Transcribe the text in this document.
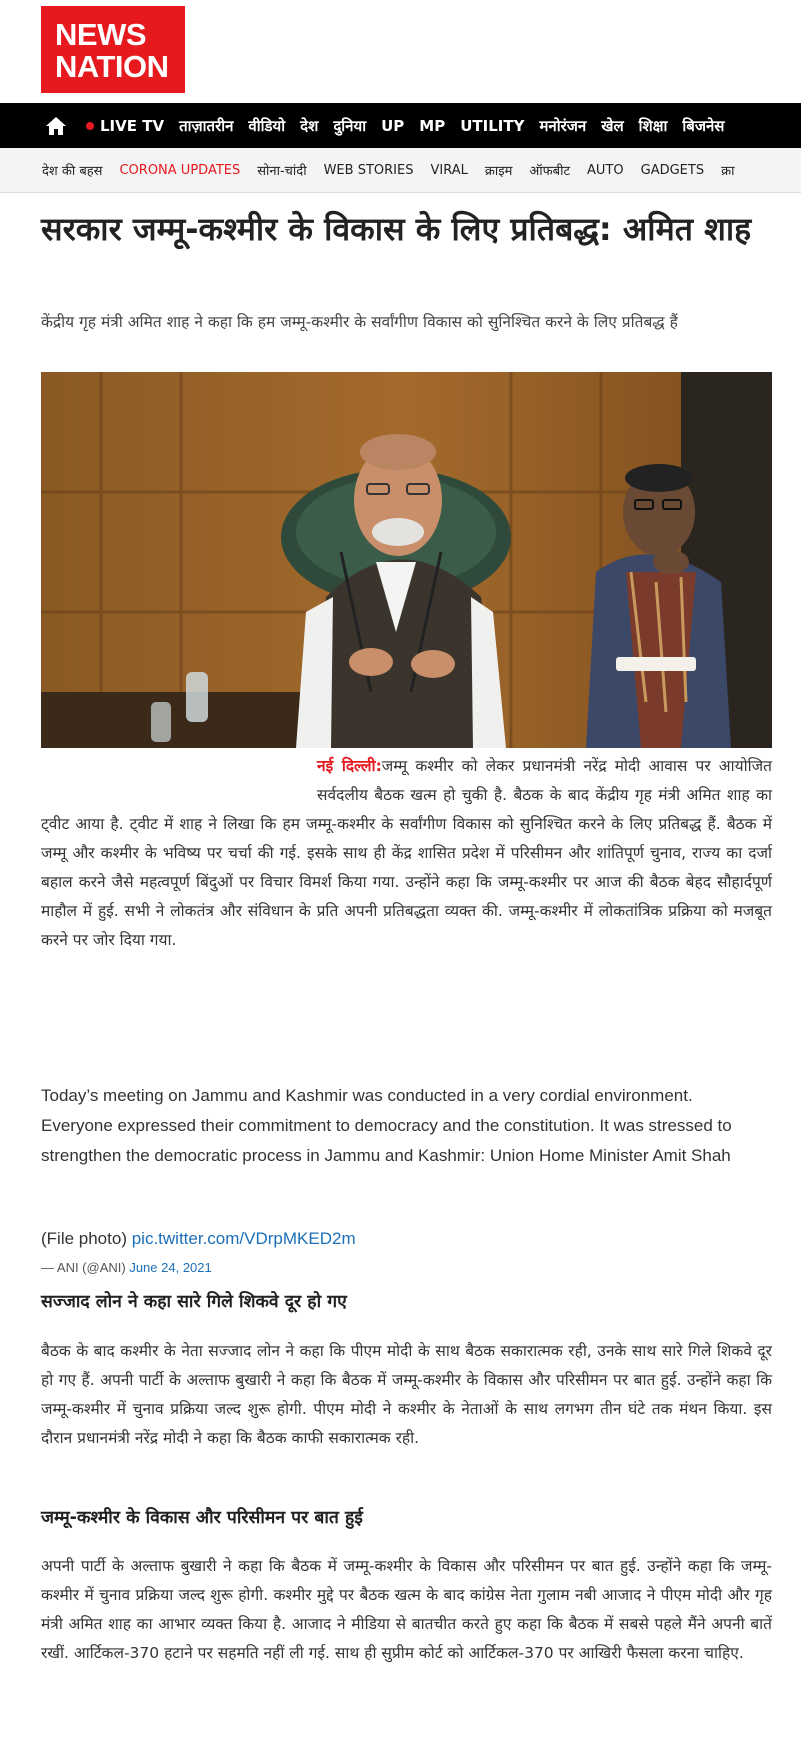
NEWS
NATION
LIVE TV ताज़ातरीन वीडियो देश दुनिया UP MP UTILITY मनोरंजन खेल शिक्षा बिजनेस
देश की बहस CORONA UPDATES सोना-चांदी WEB STORIES VIRAL क्राइम ऑफबीट AUTO GADGETS क्रा
सरकार जम्मू-कश्मीर के विकास के लिए प्रतिबद्ध: अमित शाह

केंद्रीय गृह मंत्री अमित शाह ने कहा कि हम जम्मू-कश्मीर के सर्वांगीण विकास को सुनिश्चित करने के लिए प्रतिबद्ध हैं

नई दिल्ली:जम्मू कश्मीर को लेकर प्रधानमंत्री नरेंद्र मोदी आवास पर आयोजित सर्वदलीय बैठक खत्म हो चुकी है. बैठक के बाद केंद्रीय गृह मंत्री अमित शाह का ट्वीट आया है. ट्वीट में शाह ने लिखा कि हम जम्मू-कश्मीर के सर्वांगीण विकास को सुनिश्चित करने के लिए प्रतिबद्ध हैं. बैठक में जम्मू और कश्मीर के भविष्य पर चर्चा की गई. इसके साथ ही केंद्र शासित प्रदेश में परिसीमन और शांतिपूर्ण चुनाव, राज्य का दर्जा बहाल करने जैसे महत्वपूर्ण बिंदुओं पर विचार विमर्श किया गया. उन्होंने कहा कि जम्मू-कश्मीर पर आज की बैठक बेहद सौहार्दपूर्ण माहौल में हुई. सभी ने लोकतंत्र और संविधान के प्रति अपनी प्रतिबद्धता व्यक्त की. जम्मू-कश्मीर में लोकतांत्रिक प्रक्रिया को मजबूत करने पर जोर दिया गया.

Today’s meeting on Jammu and Kashmir was conducted in a very cordial environment. Everyone expressed their commitment to democracy and the constitution. It was stressed to strengthen the democratic process in Jammu and Kashmir: Union Home Minister Amit Shah

(File photo) pic.twitter.com/VDrpMKED2m
— ANI (@ANI) June 24, 2021
सज्जाद लोन ने कहा सारे गिले शिकवे दूर हो गए

बैठक के बाद कश्मीर के नेता सज्जाद लोन ने कहा कि पीएम मोदी के साथ बैठक सकारात्मक रही, उनके साथ सारे गिले शिकवे दूर हो गए हैं. अपनी पार्टी के अल्ताफ बुखारी ने कहा कि बैठक में जम्मू-कश्मीर के विकास और परिसीमन पर बात हुई. उन्होंने कहा कि जम्मू-कश्मीर में चुनाव प्रक्रिया जल्द शुरू होगी. पीएम मोदी ने कश्मीर के नेताओं के साथ लगभग तीन घंटे तक मंथन किया. इस दौरान प्रधानमंत्री नरेंद्र मोदी ने कहा कि बैठक काफी सकारात्मक रही.

जम्मू-कश्मीर के विकास और परिसीमन पर बात हुई

अपनी पार्टी के अल्ताफ बुखारी ने कहा कि बैठक में जम्मू-कश्मीर के विकास और परिसीमन पर बात हुई. उन्होंने कहा कि जम्मू-कश्मीर में चुनाव प्रक्रिया जल्द शुरू होगी. कश्मीर मुद्दे पर बैठक खत्म के बाद कांग्रेस नेता गुलाम नबी आजाद ने पीएम मोदी और गृह मंत्री अमित शाह का आभार व्यक्त किया है. आजाद ने मीडिया से बातचीत करते हुए कहा कि बैठक में सबसे पहले मैंने अपनी बातें रखीं. आर्टिकल-370 हटाने पर सहमति नहीं ली गई. साथ ही सुप्रीम कोर्ट को आर्टिकल-370 पर आखिरी फैसला करना चाहिए.
